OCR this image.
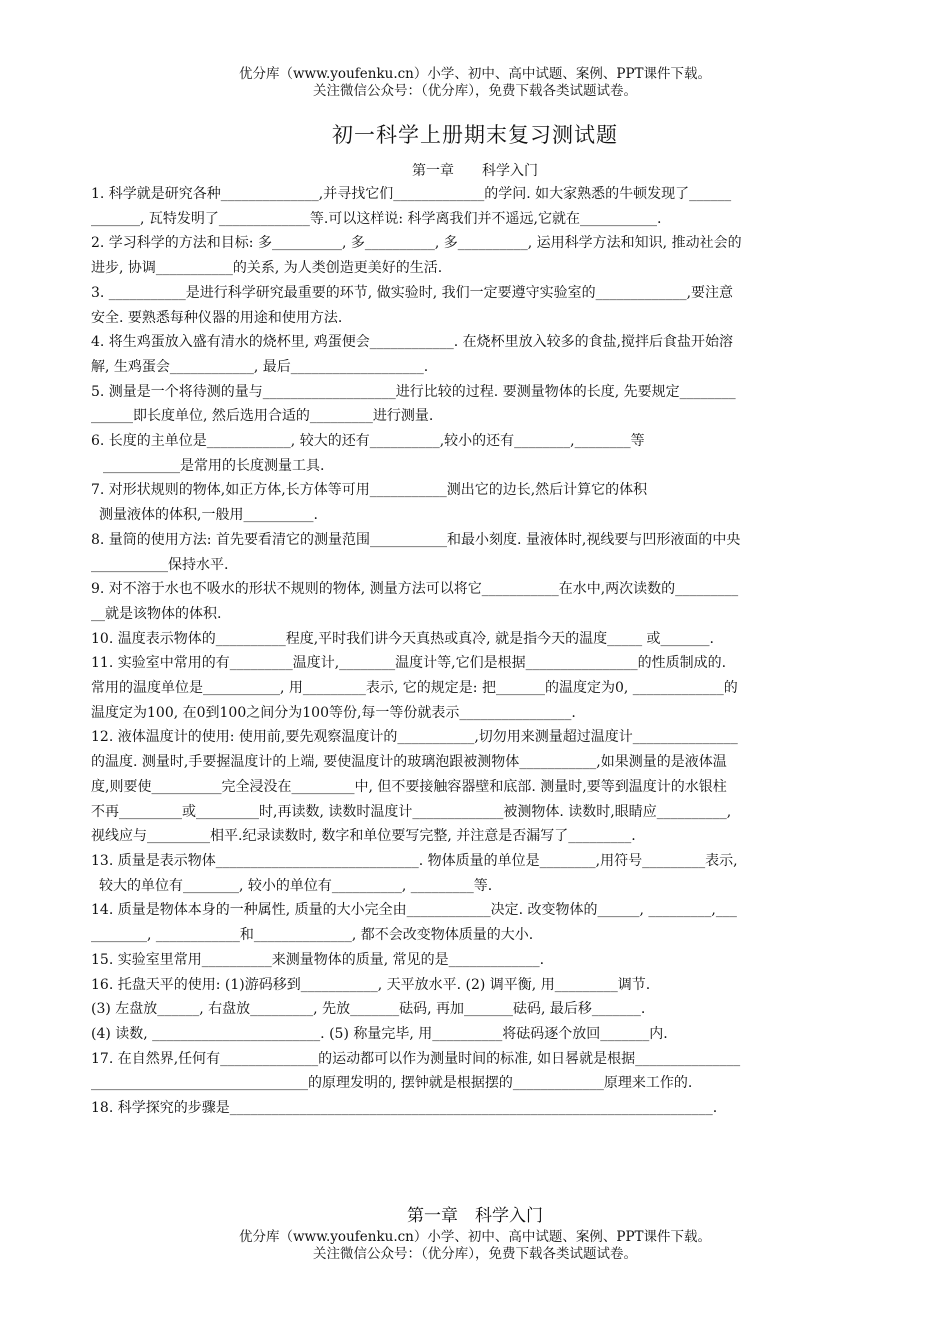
优分库（www.youfenku.cn）小学、初中、高中试题、案例、PPT课件下载。
关注微信公众号：（优分库），免费下载各类试题试卷。
初一科学上册期末复习测试题
第一章　　科学入门
1. 科学就是研究各种______________,并寻找它们_____________的学问. 如大家熟悉的牛顿发现了______
_______, 瓦特发明了_____________等.可以这样说: 科学离我们并不遥远,它就在___________.
2. 学习科学的方法和目标: 多__________, 多__________, 多__________, 运用科学方法和知识, 推动社会的
进步, 协调___________的关系, 为人类创造更美好的生活.
3. ___________是进行科学研究最重要的环节, 做实验时, 我们一定要遵守实验室的_____________,要注意
安全. 要熟悉每种仪器的用途和使用方法.
4. 将生鸡蛋放入盛有清水的烧杯里, 鸡蛋便会____________. 在烧杯里放入较多的食盐,搅拌后食盐开始溶
解, 生鸡蛋会____________, 最后___________________.
5. 测量是一个将待测的量与___________________进行比较的过程. 要测量物体的长度, 先要规定________
______即长度单位, 然后选用合适的_________进行测量.
6. 长度的主单位是____________, 较大的还有__________,较小的还有________,________等
___________是常用的长度测量工具.
7. 对形状规则的物体,如正方体,长方体等可用___________测出它的边长,然后计算它的体积
测量液体的体积,一般用__________.
8. 量筒的使用方法: 首先要看清它的测量范围___________和最小刻度. 量液体时,视线要与凹形液面的中央
___________保持水平.
9. 对不溶于水也不吸水的形状不规则的物体, 测量方法可以将它___________在水中,两次读数的_________
__就是该物体的体积.
10. 温度表示物体的__________程度,平时我们讲今天真热或真冷, 就是指今天的温度_____ 或_______.
11. 实验室中常用的有_________温度计,________温度计等,它们是根据________________的性质制成的.
常用的温度单位是___________, 用_________表示, 它的规定是: 把_______的温度定为0, _____________的
温度定为100, 在0到100之间分为100等份,每一等份就表示________________.
12. 液体温度计的使用: 使用前,要先观察温度计的___________,切勿用来测量超过温度计_______________
的温度. 测量时,手要握温度计的上端, 要使温度计的玻璃泡跟被测物体___________,如果测量的是液体温
度,则要使__________完全浸没在_________中, 但不要接触容器壁和底部. 测量时,要等到温度计的水银柱
不再_________或_________时,再读数, 读数时温度计_____________被测物体. 读数时,眼睛应__________,
视线应与_________相平.纪录读数时, 数字和单位要写完整, 并注意是否漏写了_________.
13. 质量是表示物体_____________________________. 物体质量的单位是________,用符号_________表示,
较大的单位有________, 较小的单位有__________, _________等.
14. 质量是物体本身的一种属性, 质量的大小完全由____________决定. 改变物体的______, _________,___
________, ____________和______________, 都不会改变物体质量的大小.
15. 实验室里常用__________来测量物体的质量, 常见的是_____________.
16. 托盘天平的使用: (1)游码移到___________, 天平放水平. (2) 调平衡, 用_________调节.
(3) 左盘放______, 右盘放_________, 先放_______砝码, 再加_______砝码, 最后移_______.
(4) 读数, ________________________. (5) 称量完毕, 用__________将砝码逐个放回_______内.
17. 在自然界,任何有______________的运动都可以作为测量时间的标准, 如日晷就是根据_______________
_______________________________的原理发明的, 摆钟就是根据摆的_____________原理来工作的.
18. 科学探究的步骤是_____________________________________________________________________.
第一章　科学入门
优分库（www.youfenku.cn）小学、初中、高中试题、案例、PPT课件下载。
关注微信公众号：（优分库），免费下载各类试题试卷。
